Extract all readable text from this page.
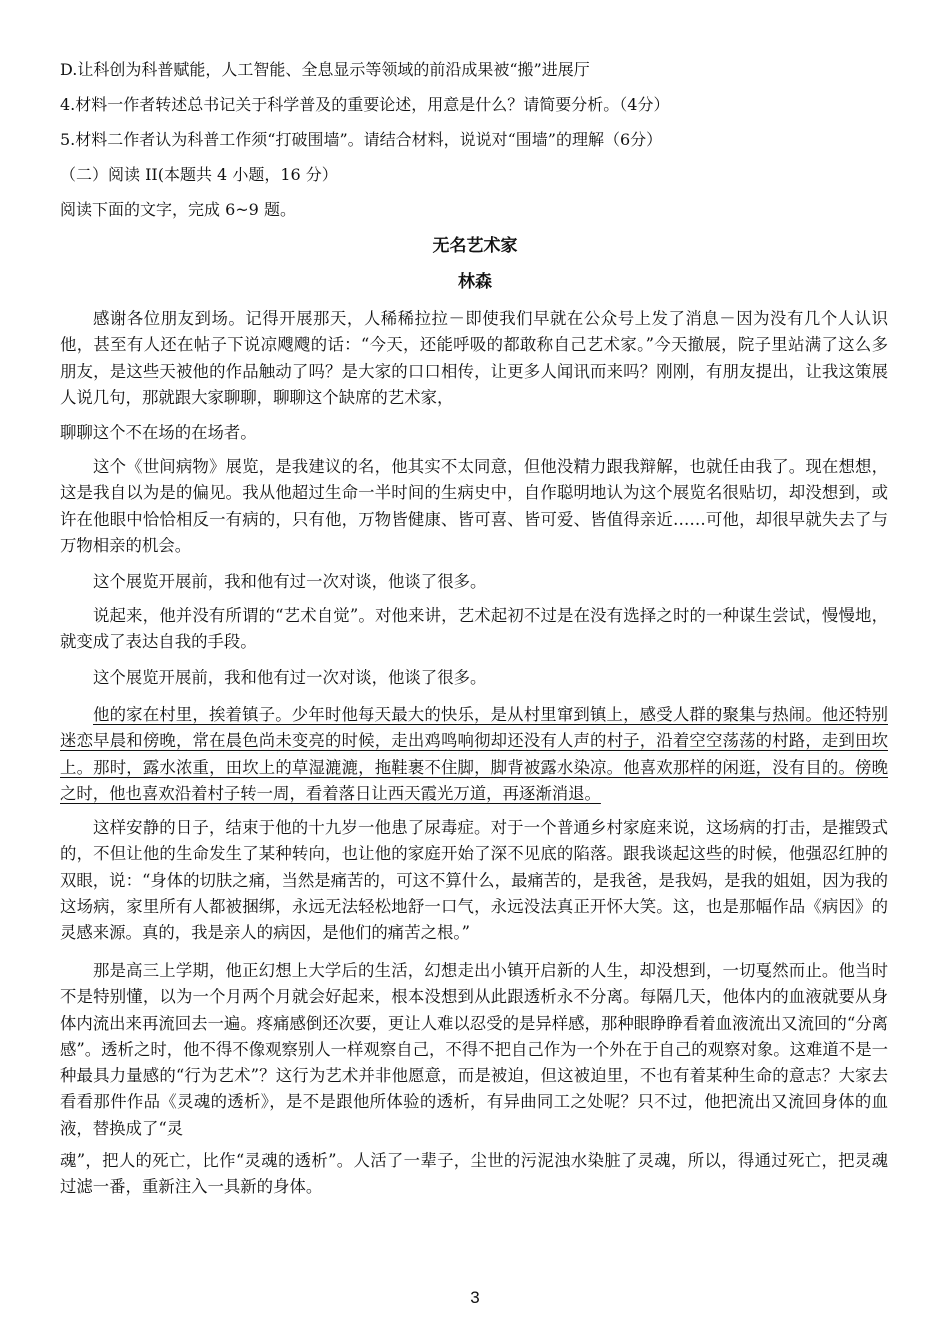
D.让科创为科普赋能，人工智能、全息显示等领域的前沿成果被“搬”进展厅
4.材料一作者转述总书记关于科学普及的重要论述，用意是什么？请简要分析。（4分）
5.材料二作者认为科普工作须“打破围墙”。请结合材料，说说对“围墙”的理解（6分）
（二）阅读 II(本题共 4 小题，16 分）
阅读下面的文字，完成 6~9 题。
无名艺术家
林森
感谢各位朋友到场。记得开展那天，人稀稀拉拉－即使我们早就在公众号上发了消息－因为没有几个人认识他，甚至有人还在帖子下说凉飕飕的话：“今天，还能呼吸的都敢称自己艺术家。”今天撤展，院子里站满了这么多朋友，是这些天被他的作品触动了吗？是大家的口口相传，让更多人闻讯而来吗？刚刚，有朋友提出，让我这策展人说几句，那就跟大家聊聊，聊聊这个缺席的艺术家，
聊聊这个不在场的在场者。
这个《世间病物》展览，是我建议的名，他其实不太同意，但他没精力跟我辩解，也就任由我了。现在想想，这是我自以为是的偏见。我从他超过生命一半时间的生病史中，自作聪明地认为这个展览名很贴切，却没想到，或许在他眼中恰恰相反一有病的，只有他，万物皆健康、皆可喜、皆可爱、皆值得亲近……可他，却很早就失去了与万物相亲的机会。
这个展览开展前，我和他有过一次对谈，他谈了很多。
说起来，他并没有所谓的“艺术自觉”。对他来讲，艺术起初不过是在没有选择之时的一种谋生尝试，慢慢地，就变成了表达自我的手段。
这个展览开展前，我和他有过一次对谈，他谈了很多。
他的家在村里，挨着镇子。少年时他每天最大的快乐，是从村里窜到镇上，感受人群的聚集与热闹。他还特别迷恋早晨和傍晚，常在晨色尚未变亮的时候，走出鸡鸣响彻却还没有人声的村子，沿着空空荡荡的村路，走到田坎上。那时，露水浓重，田坎上的草湿漉漉，拖鞋裹不住脚，脚背被露水染凉。他喜欢那样的闲逛，没有目的。傍晚之时，他也喜欢沿着村子转一周，看着落日让西天霞光万道，再逐渐消退。
这样安静的日子，结束于他的十九岁一他患了尿毒症。对于一个普通乡村家庭来说，这场病的打击，是摧毁式的，不但让他的生命发生了某种转向，也让他的家庭开始了深不见底的陷落。跟我谈起这些的时候，他强忍红肿的双眼，说：“身体的切肤之痛，当然是痛苦的，可这不算什么，最痛苦的，是我爸，是我妈，是我的姐姐，因为我的这场病，家里所有人都被捆绑，永远无法轻松地舒一口气，永远没法真正开怀大笑。这，也是那幅作品《病因》的灵感来源。真的，我是亲人的病因，是他们的痛苦之根。”
那是高三上学期，他正幻想上大学后的生活，幻想走出小镇开启新的人生，却没想到，一切戛然而止。他当时不是特别懂，以为一个月两个月就会好起来，根本没想到从此跟透析永不分离。每隔几天，他体内的血液就要从身体内流出来再流回去一遍。疼痛感倒还次要，更让人难以忍受的是异样感，那种眼睁睁看着血液流出又流回的“分离感”。透析之时，他不得不像观察别人一样观察自己，不得不把自己作为一个外在于自己的观察对象。这难道不是一种最具力量感的“行为艺术”？这行为艺术并非他愿意，而是被迫，但这被迫里，不也有着某种生命的意志？大家去看看那件作品《灵魂的透析》，是不是跟他所体验的透析，有异曲同工之处呢？只不过，他把流出又流回身体的血液，替换成了“灵
魂”，把人的死亡，比作“灵魂的透析”。人活了一辈子，尘世的污泥浊水染脏了灵魂，所以，得通过死亡，把灵魂过滤一番，重新注入一具新的身体。
3
